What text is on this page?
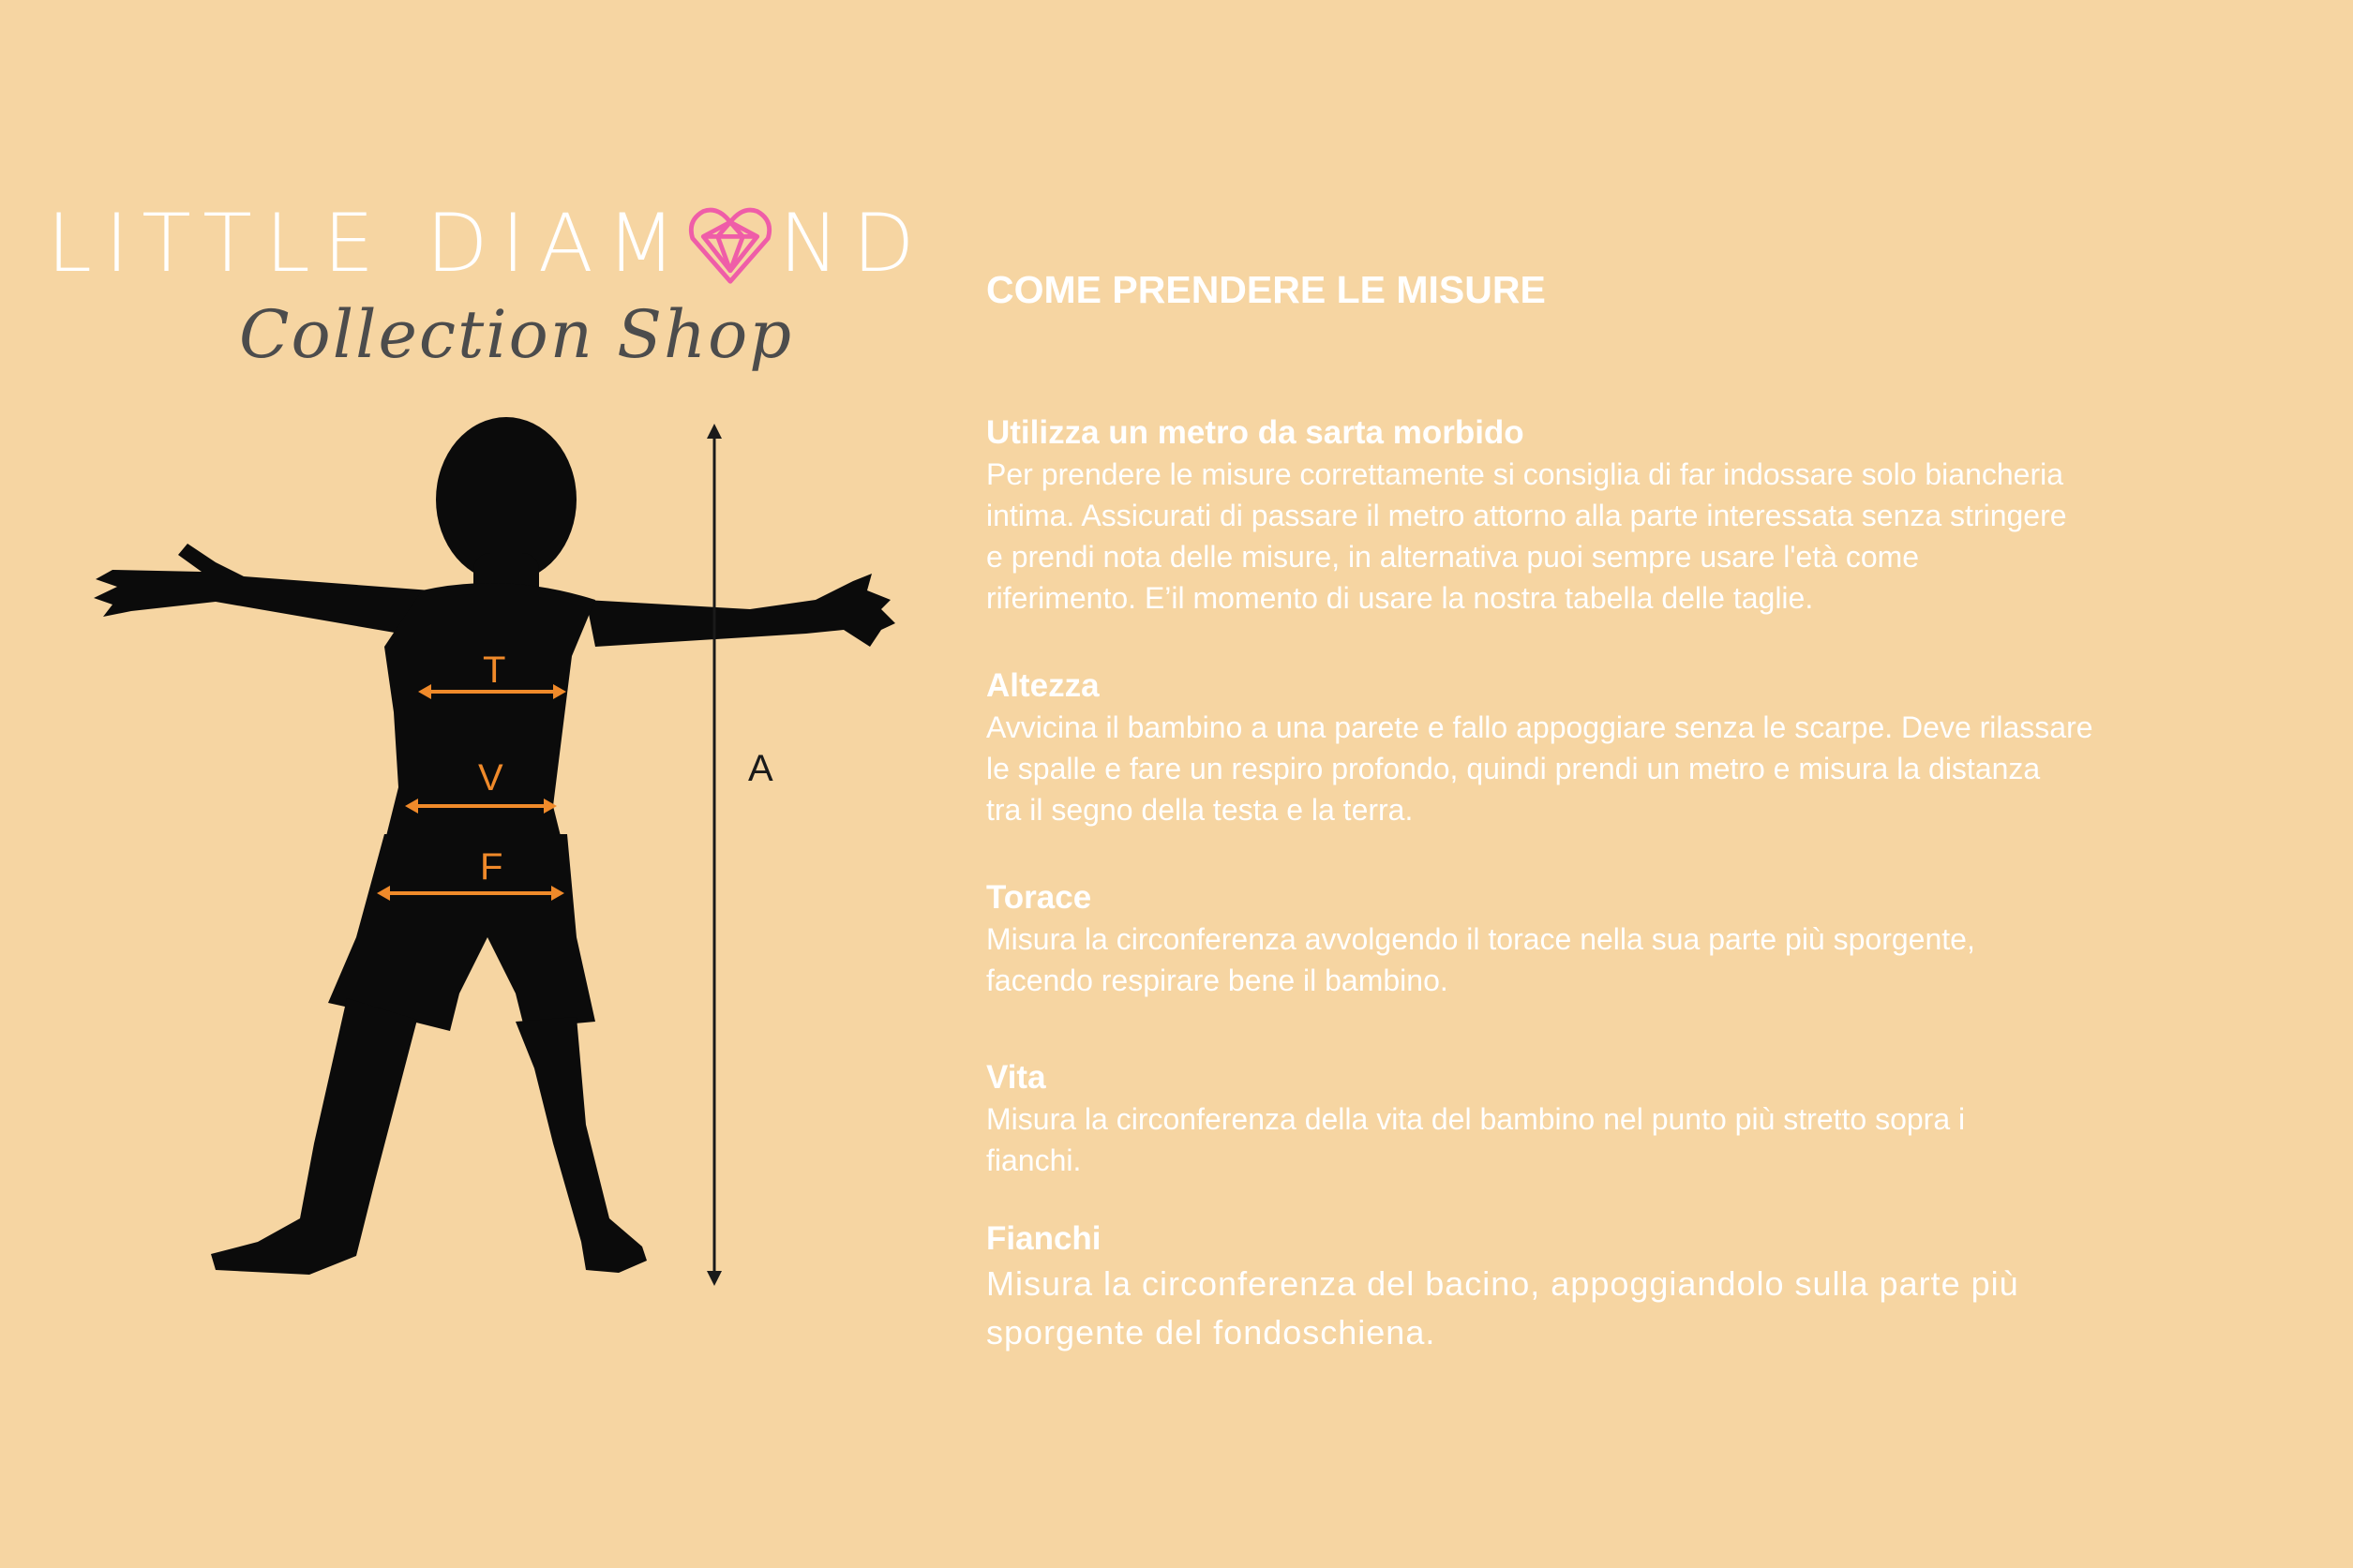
LITTLE DIAM ND
Collection Shop
T
V
F
A
COME PRENDERE LE MISURE
Utilizza un metro da sarta morbido

Per prendere le misure correttamente si consiglia di far indossare solo biancheria

intima. Assicurati di passare il metro attorno alla parte interessata senza stringere

e prendi nota delle misure, in alternativa puoi sempre usare l'età come

riferimento. E’il momento di usare la nostra tabella delle taglie.

Altezza

Avvicina il bambino a una parete e fallo appoggiare senza le scarpe. Deve rilassare

le spalle e fare un respiro profondo, quindi prendi un metro e misura la distanza

tra il segno della testa e la terra.

Torace

Misura la circonferenza avvolgendo il torace nella sua parte più sporgente,

facendo respirare bene il bambino.

Vita

Misura la circonferenza della vita del bambino nel punto più stretto sopra i

fianchi.

Fianchi

Misura la circonferenza del bacino, appoggiandolo sulla parte più

sporgente del fondoschiena.
